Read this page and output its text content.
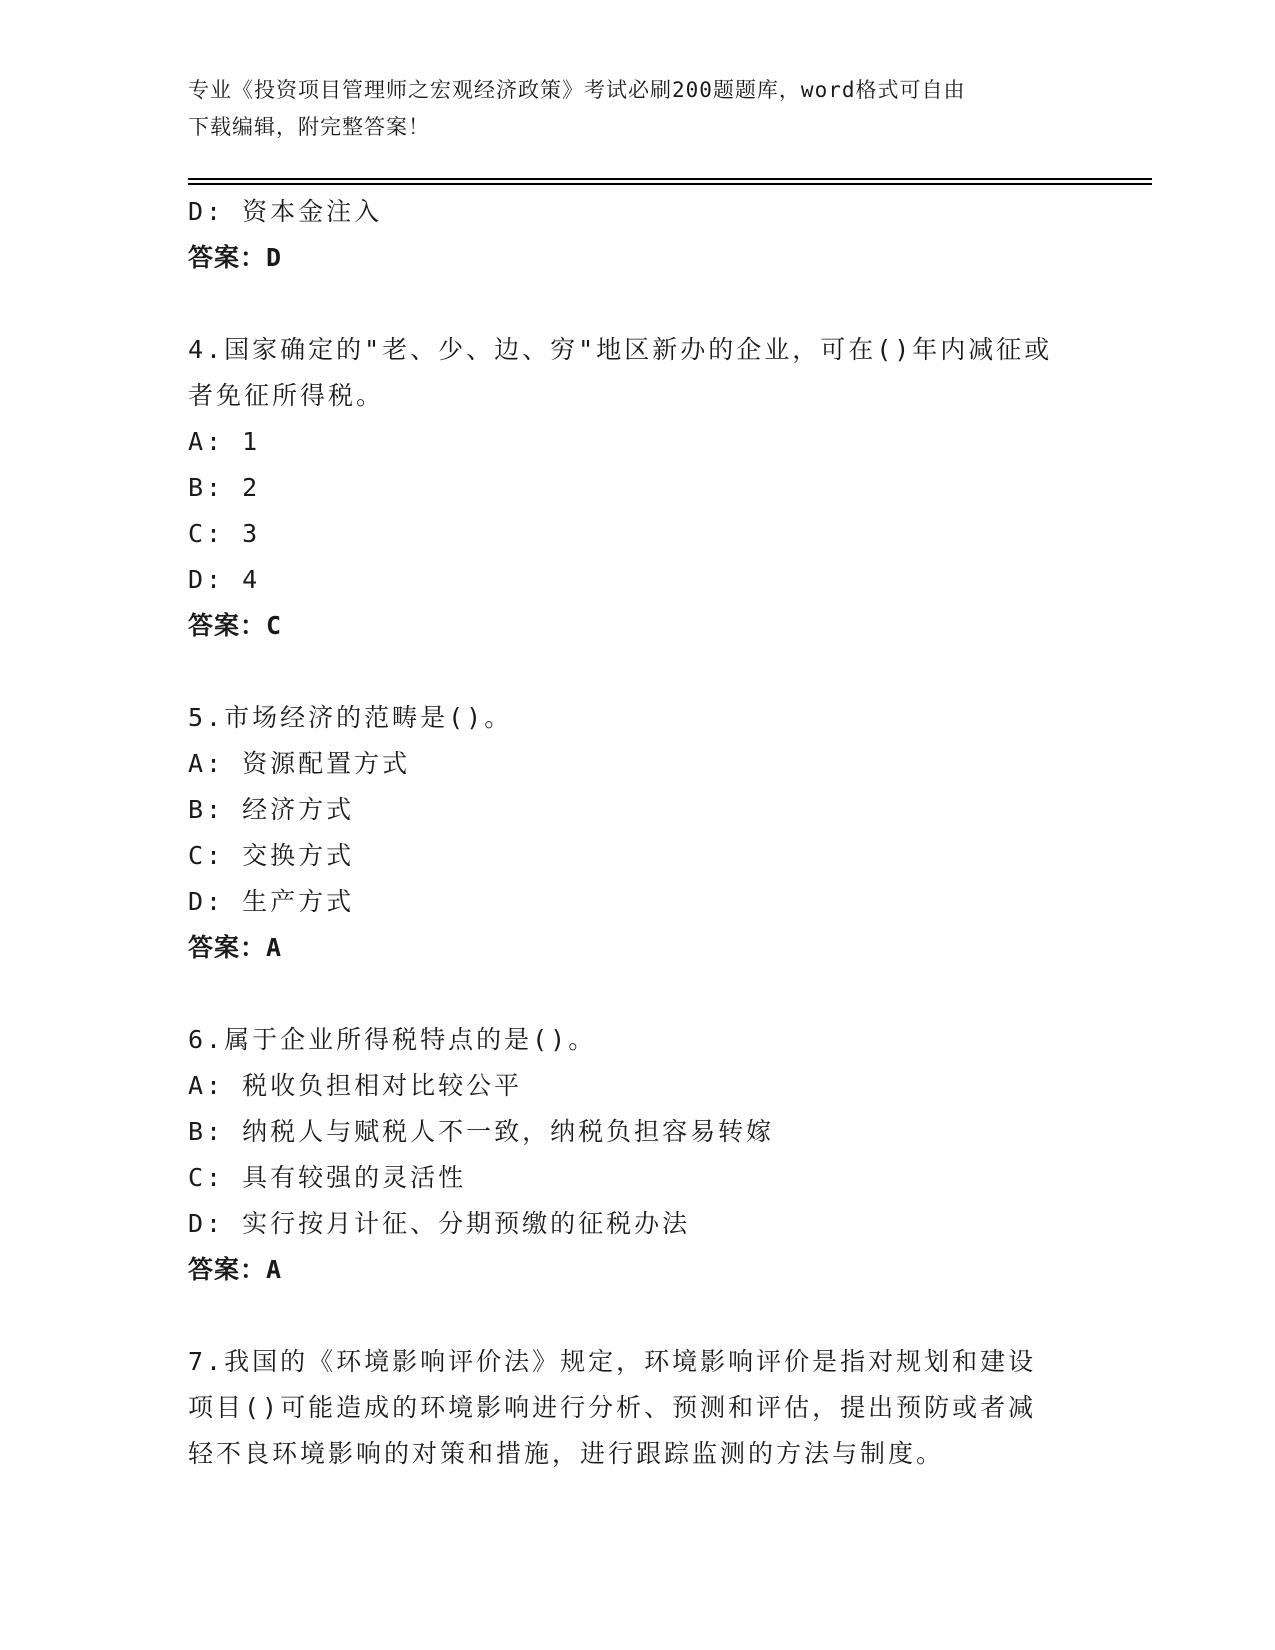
专业《投资项目管理师之宏观经济政策》考试必刷200题题库，word格式可自由
下载编辑，附完整答案！
D: 资本金注入
答案：D
4.国家确定的"老、少、边、穷"地区新办的企业，可在()年内减征或
者免征所得税。
A: 1
B: 2
C: 3
D: 4
答案：C
5.市场经济的范畴是()。
A: 资源配置方式
B: 经济方式
C: 交换方式
D: 生产方式
答案：A
6.属于企业所得税特点的是()。
A: 税收负担相对比较公平
B: 纳税人与赋税人不一致，纳税负担容易转嫁
C: 具有较强的灵活性
D: 实行按月计征、分期预缴的征税办法
答案：A
7.我国的《环境影响评价法》规定，环境影响评价是指对规划和建设
项目()可能造成的环境影响进行分析、预测和评估，提出预防或者减
轻不良环境影响的对策和措施，进行跟踪监测的方法与制度。
